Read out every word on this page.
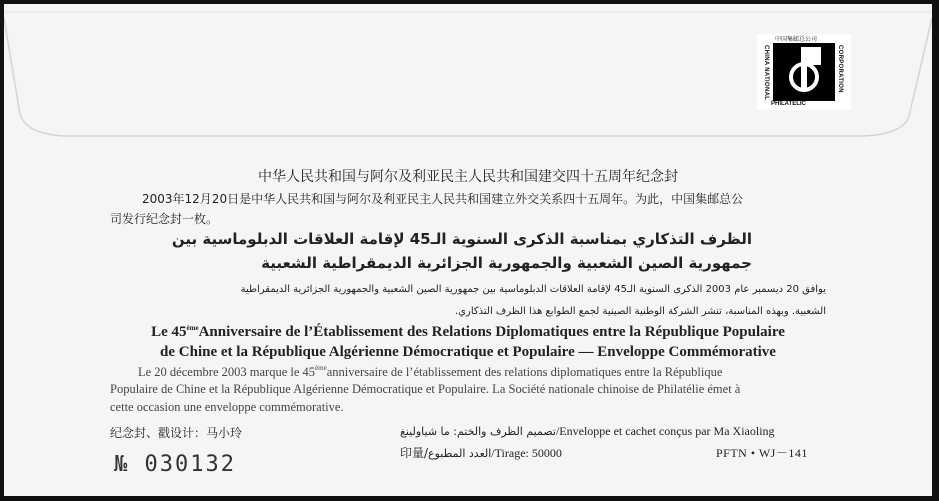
中国集邮总公司
CHINA NATIONAL	CORPORATION
PHILATELIC
中华人民共和国与阿尔及利亚民主人民共和国建交四十五周年纪念封
2003年12月20日是中华人民共和国与阿尔及利亚民主人民共和国建立外交关系四十五周年。为此，中国集邮总公
司发行纪念封一枚。
الظرف التذكاري بمناسبة الذكرى السنوية الـ45 لإقامة العلاقات الدبلوماسية بين
جمهورية الصين الشعبية والجمهورية الجزائرية الديمقراطية الشعبية
يوافق 20 ديسمبر عام 2003 الذكرى السنوية الـ45 لإقامة العلاقات الدبلوماسية بين جمهورية الصين الشعبية والجمهورية الجزائرية الديمقراطية
الشعبية. وبهذه المناسبة، تنشر الشركة الوطنية الصينية لجمع الطوابع هذا الظرف التذكاري.
Le 45èmeAnniversaire de l’Établissement des Relations Diplomatiques entre la République Populaire
de Chine et la République Algérienne Démocratique et Populaire — Enveloppe Commémorative
Le 20 décembre 2003 marque le 45èmeanniversaire de l’établissement des relations diplomatiques entre la République
Populaire de Chine et la République Algérienne Démocratique et Populaire. La Société nationale chinoise de Philatélie émet à
cette occasion une enveloppe commémorative.
纪念封、戳设计：马小玲	تصميم الظرف والختم: ما شياولينغ/Enveloppe et cachet conçus par Ma Xiaoling
印量/العدد المطبوع/Tirage: 50000	PFTN • WJ－141
№ 030132
